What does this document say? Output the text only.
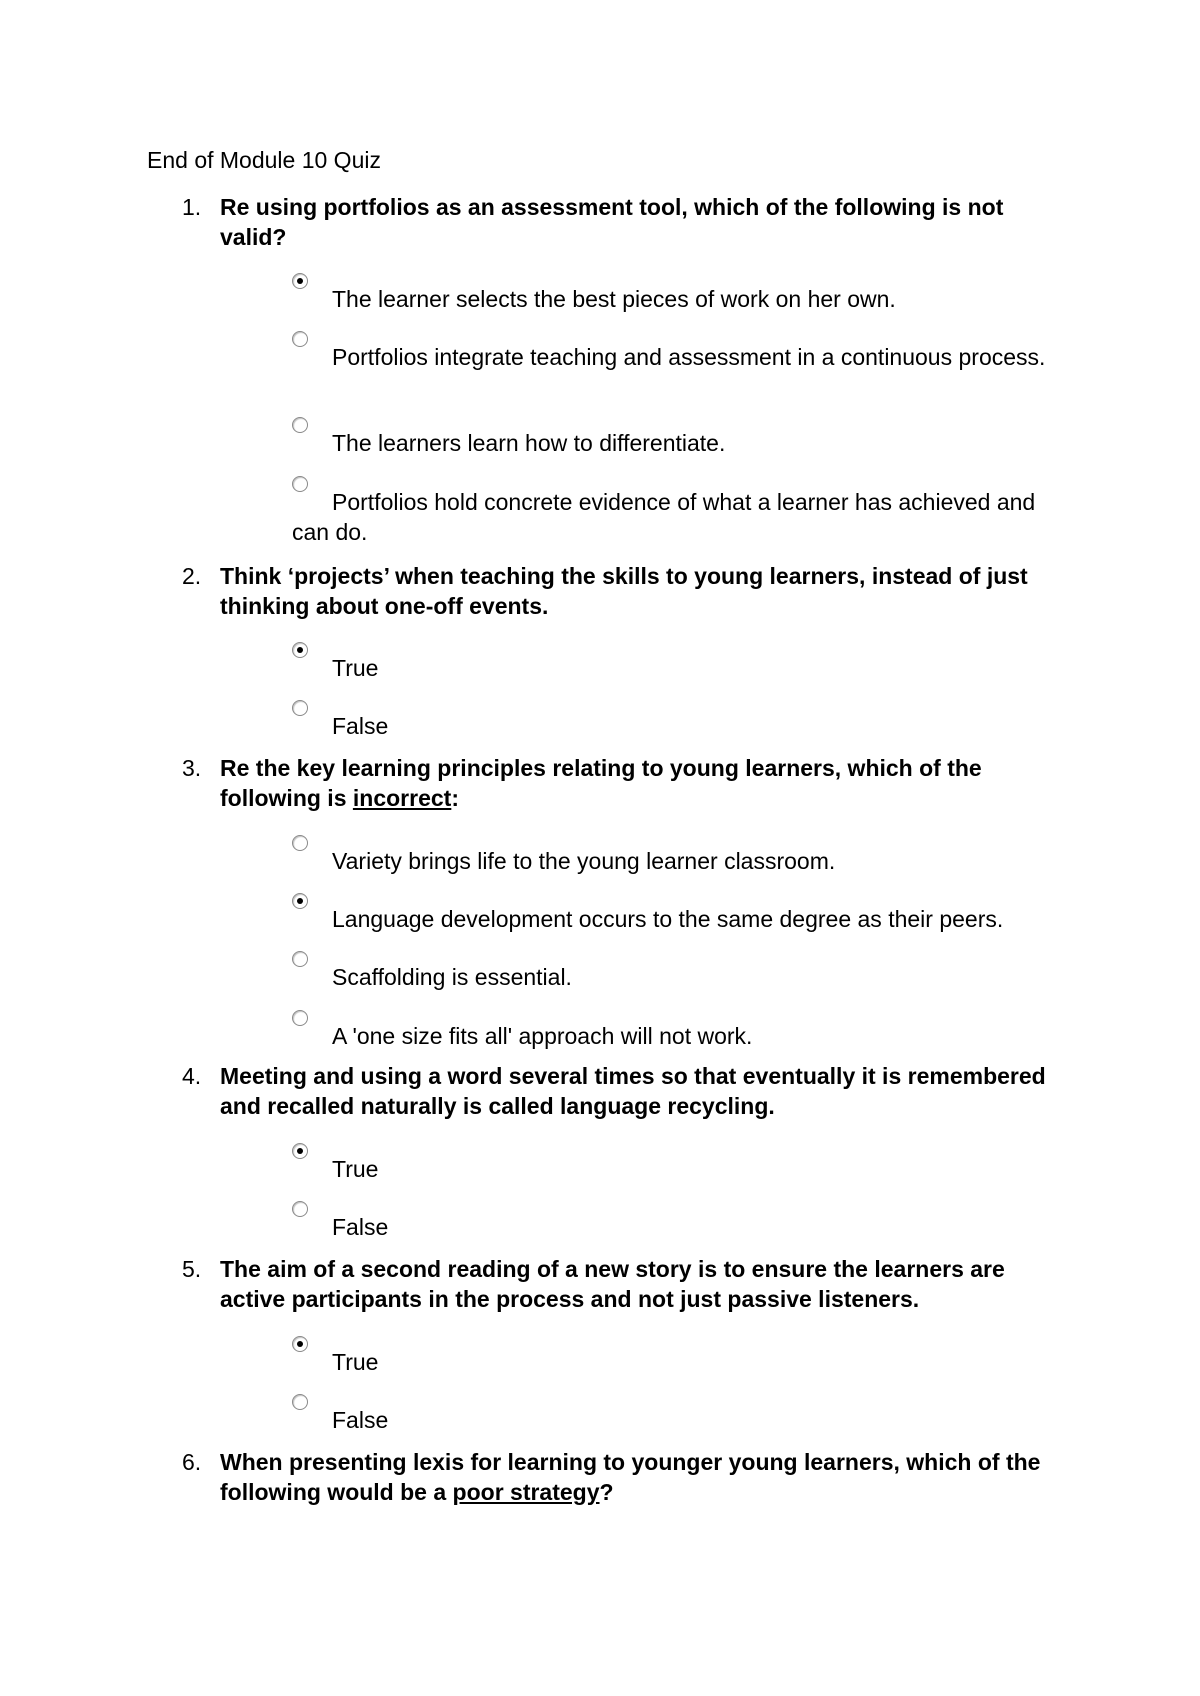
End of Module 10 Quiz

1. Re using portfolios as an assessment tool, which of the following is not valid?

The learner selects the best pieces of work on her own.
Portfolios integrate teaching and assessment in a continuous process.
The learners learn how to differentiate.
Portfolios hold concrete evidence of what a learner has achieved and can do.

2. Think ‘projects’ when teaching the skills to young learners, instead of just thinking about one-off events.

True
False

3. Re the key learning principles relating to young learners, which of the following is incorrect:

Variety brings life to the young learner classroom.
Language development occurs to the same degree as their peers.
Scaffolding is essential.
A 'one size fits all' approach will not work.

4. Meeting and using a word several times so that eventually it is remembered and recalled naturally is called language recycling.

True
False

5. The aim of a second reading of a new story is to ensure the learners are active participants in the process and not just passive listeners.

True
False

6. When presenting lexis for learning to younger young learners, which of the following would be a poor strategy?
